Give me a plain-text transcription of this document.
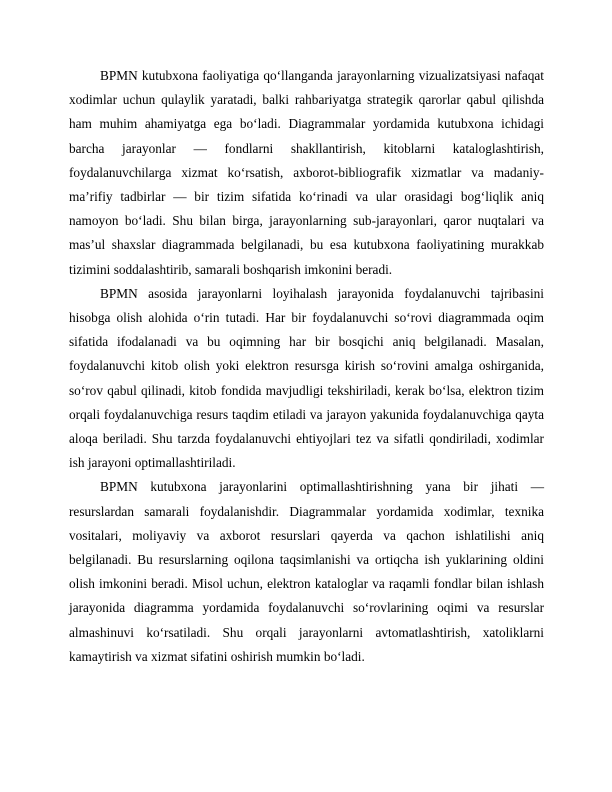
BPMN kutubxona faoliyatiga qo‘llanganda jarayonlarning vizualizatsiyasi nafaqat xodimlar uchun qulaylik yaratadi, balki rahbariyatga strategik qarorlar qabul qilishda ham muhim ahamiyatga ega bo‘ladi. Diagrammalar yordamida kutubxona ichidagi barcha jarayonlar — fondlarni shakllantirish, kitoblarni kataloglashtirish, foydalanuvchilarga xizmat ko‘rsatish, axborot-bibliografik xizmatlar va madaniy-ma’rifiy tadbirlar — bir tizim sifatida ko‘rinadi va ular orasidagi bog‘liqlik aniq namoyon bo‘ladi. Shu bilan birga, jarayonlarning sub-jarayonlari, qaror nuqtalari va mas’ul shaxslar diagrammada belgilanadi, bu esa kutubxona faoliyatining murakkab tizimini soddalashtirib, samarali boshqarish imkonini beradi.

BPMN asosida jarayonlarni loyihalash jarayonida foydalanuvchi tajribasini hisobga olish alohida o‘rin tutadi. Har bir foydalanuvchi so‘rovi diagrammada oqim sifatida ifodalanadi va bu oqimning har bir bosqichi aniq belgilanadi. Masalan, foydalanuvchi kitob olish yoki elektron resursga kirish so‘rovini amalga oshirganida, so‘rov qabul qilinadi, kitob fondida mavjudligi tekshiriladi, kerak bo‘lsa, elektron tizim orqali foydalanuvchiga resurs taqdim etiladi va jarayon yakunida foydalanuvchiga qayta aloqa beriladi. Shu tarzda foydalanuvchi ehtiyojlari tez va sifatli qondiriladi, xodimlar ish jarayoni optimallashtiriladi.

BPMN kutubxona jarayonlarini optimallashtirishning yana bir jihati — resurslardan samarali foydalanishdir. Diagrammalar yordamida xodimlar, texnika vositalari, moliyaviy va axborot resurslari qayerda va qachon ishlatilishi aniq belgilanadi. Bu resurslarning oqilona taqsimlanishi va ortiqcha ish yuklarining oldini olish imkonini beradi. Misol uchun, elektron kataloglar va raqamli fondlar bilan ishlash jarayonida diagramma yordamida foydalanuvchi so‘rovlarining oqimi va resurslar almashinuvi ko‘rsatiladi. Shu orqali jarayonlarni avtomatlashtirish, xatoliklarni kamaytirish va xizmat sifatini oshirish mumkin bo‘ladi.
